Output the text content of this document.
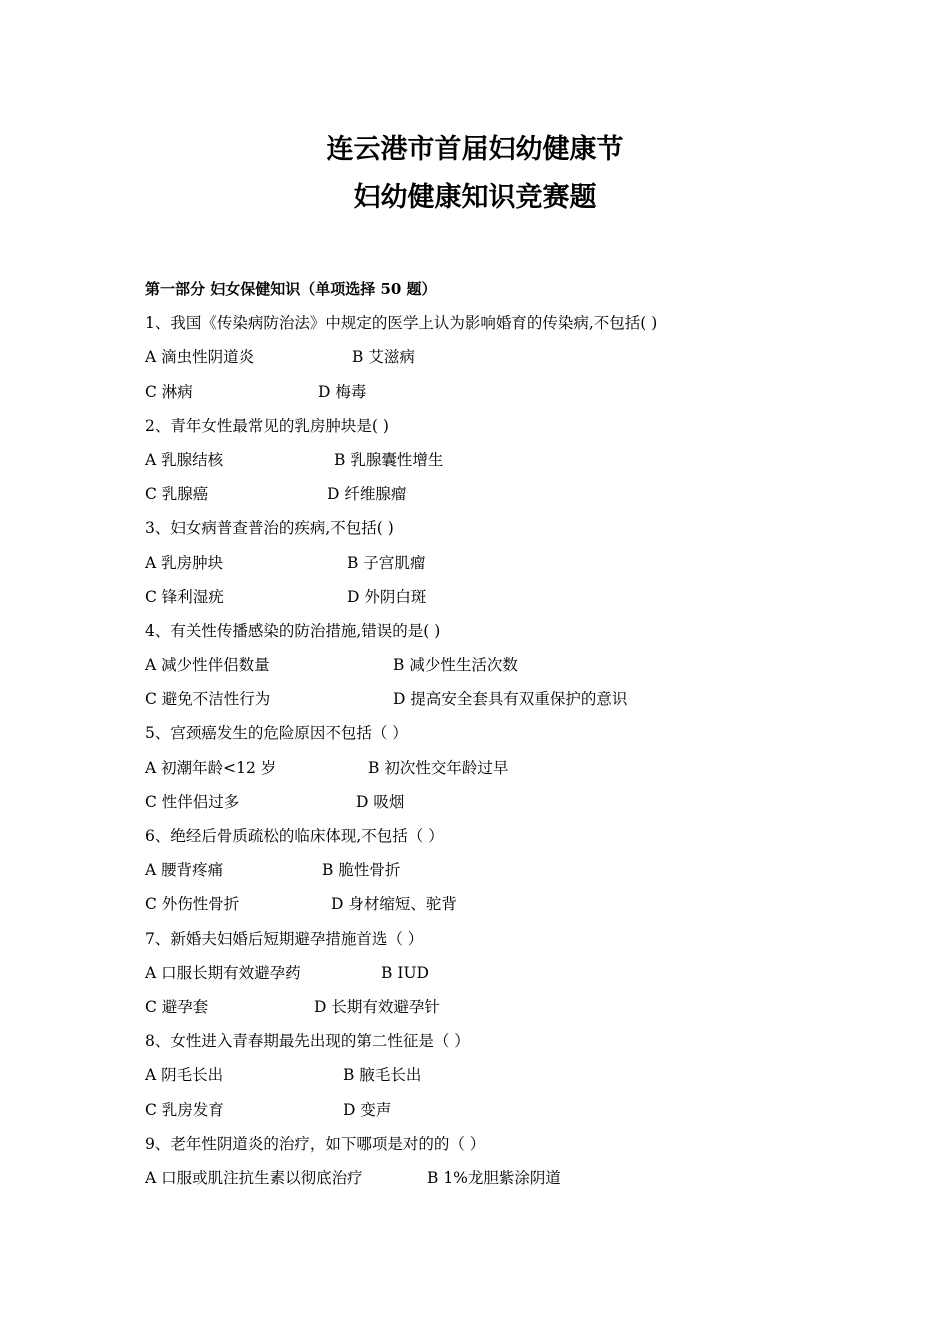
连云港市首届妇幼健康节
妇幼健康知识竞赛题
第一部分 妇女保健知识（单项选择 50 题）
1、我国《传染病防治法》中规定的医学上认为影响婚育的传染病,不包括( )
A 滴虫性阴道炎	B 艾滋病
C 淋病	D 梅毒
2、青年女性最常见的乳房肿块是( )
A 乳腺结核	B 乳腺囊性增生
C 乳腺癌	D 纤维腺瘤
3、妇女病普查普治的疾病,不包括( )
A 乳房肿块	B 子宫肌瘤
C 锋利湿疣	D 外阴白斑
4、有关性传播感染的防治措施,错误的是( )
A 减少性伴侣数量	B 减少性生活次数
C 避免不洁性行为	D 提高安全套具有双重保护的意识
5、宫颈癌发生的危险原因不包括（ ）
A 初潮年龄<12 岁	B 初次性交年龄过早
C 性伴侣过多	D 吸烟
6、绝经后骨质疏松的临床体现,不包括（ ）
A 腰背疼痛	B 脆性骨折
C 外伤性骨折	D 身材缩短、驼背
7、新婚夫妇婚后短期避孕措施首选（ ）
A 口服长期有效避孕药	B IUD
C 避孕套	D 长期有效避孕针
8、女性进入青春期最先出现的第二性征是（ ）
A 阴毛长出	B 腋毛长出
C 乳房发育	D 变声
9、老年性阴道炎的治疗，如下哪项是对的的（ ）
A 口服或肌注抗生素以彻底治疗	B 1%龙胆紫涂阴道
